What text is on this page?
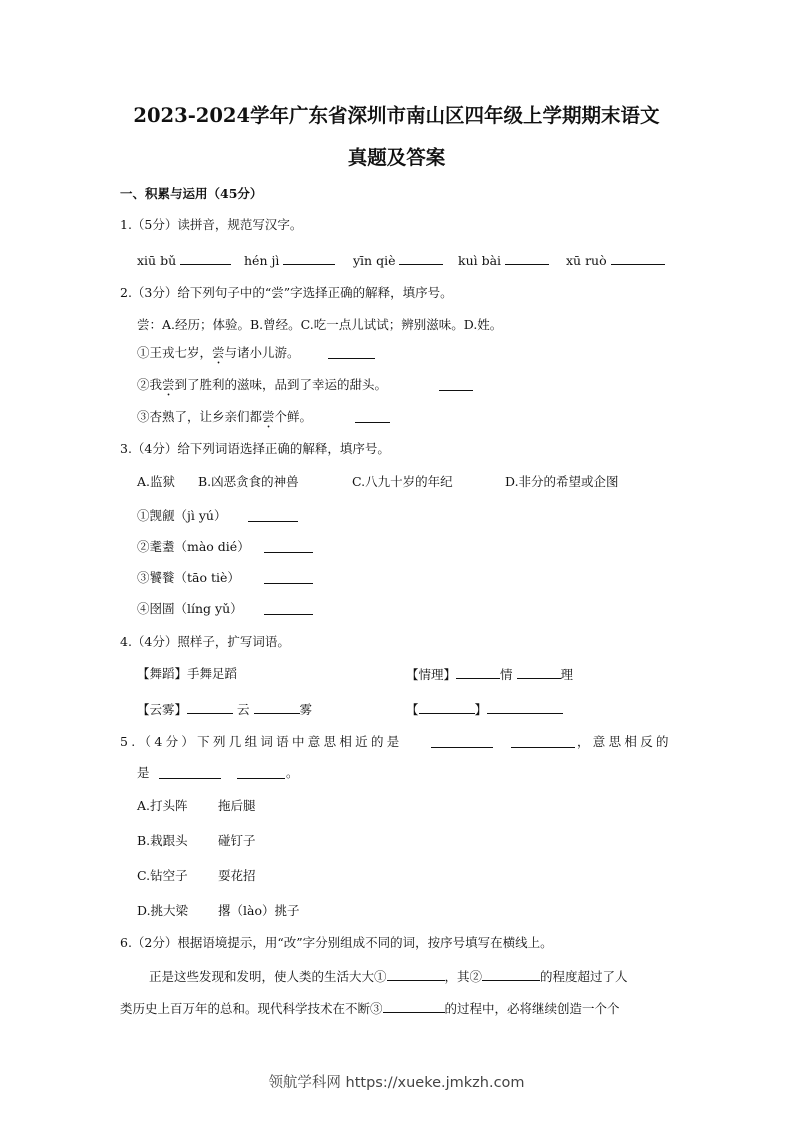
2023-2024学年广东省深圳市南山区四年级上学期期末语文
真题及答案
一、积累与运用（45分）
1.（5分）读拼音，规范写汉字。
xiū bǔ	hén jì	yīn qiè	kuì bài	xū ruò
2.（3分）给下列句子中的“尝”字选择正确的解释，填序号。
尝：A.经历；体验。B.曾经。C.吃一点儿试试；辨别滋味。D.姓。
①王戎七岁，尝与诸小儿游。
②我尝到了胜利的滋味，品到了幸运的甜头。
③杏熟了，让乡亲们都尝个鲜。
3.（4分）给下列词语选择正确的解释，填序号。
A.监狱 B.凶恶贪食的神兽	C.八九十岁的年纪	D.非分的希望或企图
①觊觎（jì yú）
②耄耋（mào dié）
③饕餮（tāo tiè）
④囹圄（líng yǔ）
4.（4分）照样子，扩写词语。
【舞蹈】手舞足蹈	【情理】	情	理
【云雾】	云	雾	【	】
5.（4分）下列几组词语中意思相近的是	，意思相反的
是	。
A.打头阵 拖后腿
B.栽跟头 碰钉子
C.钻空子 耍花招
D.挑大梁 撂（lào）挑子
6.（2分）根据语境提示，用“改”字分别组成不同的词，按序号填写在横线上。
正是这些发现和发明，使人类的生活大大①	，其②	的程度超过了人
类历史上百万年的总和。现代科学技术在不断③	的过程中，必将继续创造一个个
领航学科网 https://xueke.jmkzh.com
